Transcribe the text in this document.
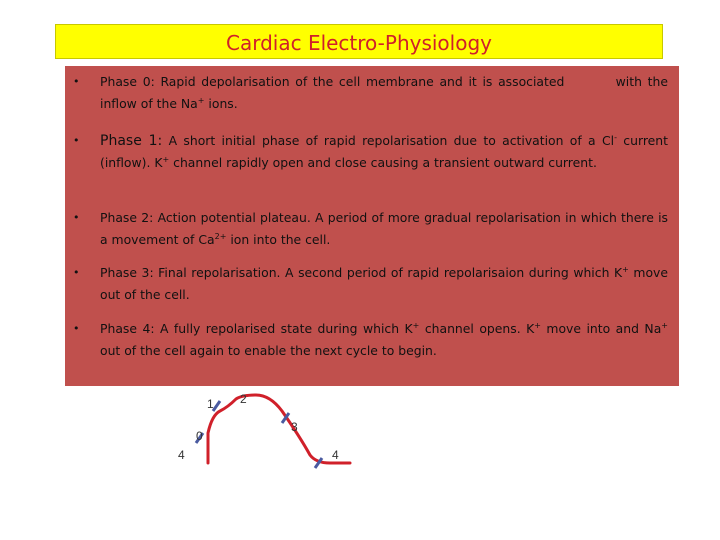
Cardiac Electro-Physiology
• Phase 0: Rapid depolarisation of the cell membrane and it is associated         with the inflow of the Na+ ions.
• Phase 1: A short initial phase of rapid repolarisation due to activation of a Cl- current (inflow). K+ channel rapidly open and close causing a transient outward current.
• Phase 2: Action potential plateau. A period of more gradual repolarisation in which there is a movement of $Ca^{2+}$ ion into the cell.
• Phase 3: Final repolarisation. A second period of rapid repolarisaion during which K+ move out of the cell.
• Phase 4: A fully repolarised state during which K+ channel opens. K+ move into and Na+ out of the cell again to enable the next cycle to begin.
1 2
3
0
4	4
